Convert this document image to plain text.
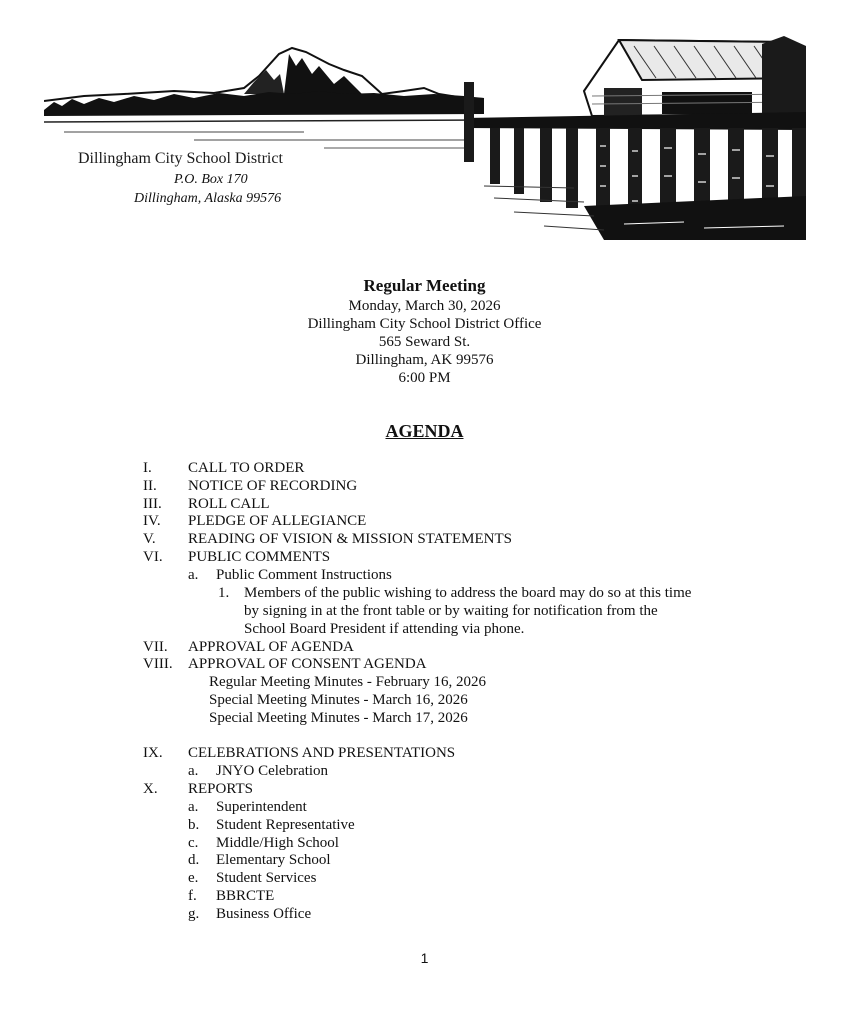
Dillingham City School District
P.O. Box 170
Dillingham, Alaska 99576
Regular Meeting
Monday, March 30, 2026
Dillingham City School District Office
565 Seward St.
Dillingham, AK 99576
6:00 PM
AGENDA
I. CALL TO ORDER
II. NOTICE OF RECORDING
III. ROLL CALL
IV. PLEDGE OF ALLEGIANCE
V. READING OF VISION & MISSION STATEMENTS
VI. PUBLIC COMMENTS
a. Public Comment Instructions
1. Members of the public wishing to address the board may do so at this time
by signing in at the front table or by waiting for notification from the
School Board President if attending via phone.
VII. APPROVAL OF AGENDA
VIII. APPROVAL OF CONSENT AGENDA
Regular Meeting Minutes - February 16, 2026
Special Meeting Minutes - March 16, 2026
Special Meeting Minutes - March 17, 2026
IX. CELEBRATIONS AND PRESENTATIONS
a. JNYO Celebration
X. REPORTS
a. Superintendent
b. Student Representative
c. Middle/High School
d. Elementary School
e. Student Services
f. BBRCTE
g. Business Office
1
